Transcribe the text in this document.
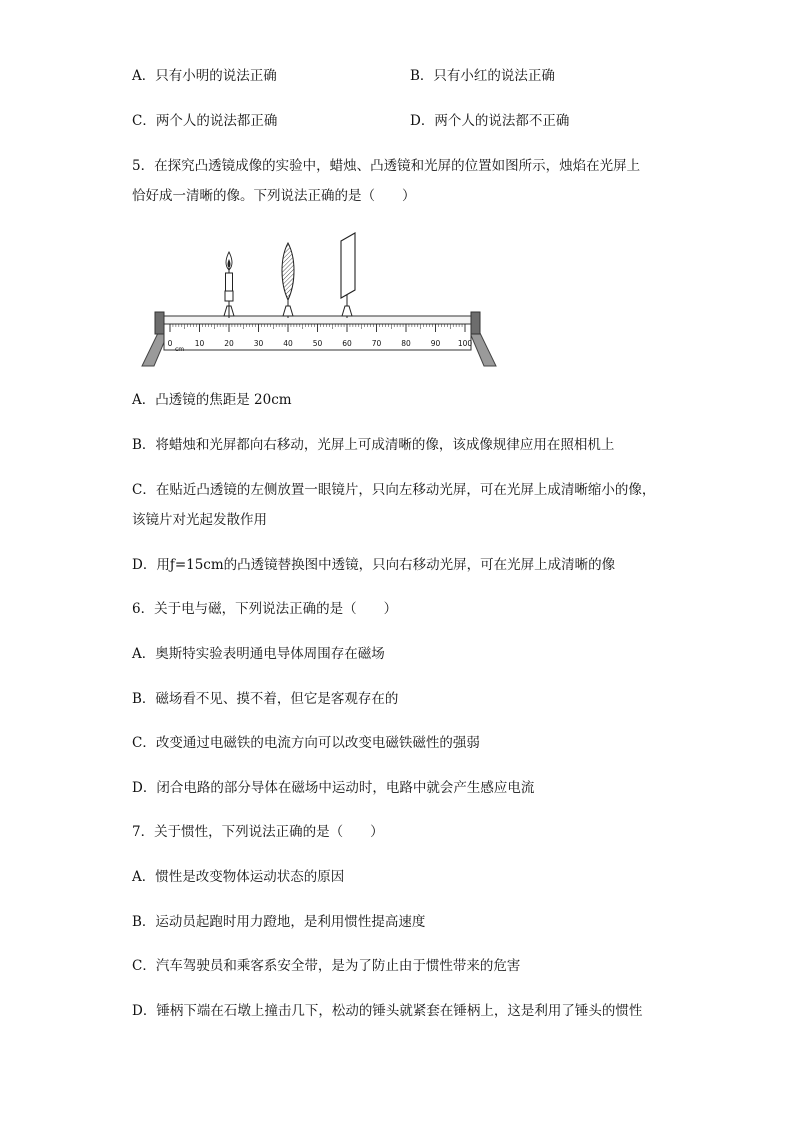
A．只有小明的说法正确	B．只有小红的说法正确
C．两个人的说法都正确	D．两个人的说法都不正确
5．在探究凸透镜成像的实验中，蜡烛、凸透镜和光屏的位置如图所示，烛焰在光屏上
恰好成一清晰的像。下列说法正确的是（　　）
0	10	20	30	40	50	60	70	80	90 100
cm
A．凸透镜的焦距是 20cm
B．将蜡烛和光屏都向右移动，光屏上可成清晰的像，该成像规律应用在照相机上
C．在贴近凸透镜的左侧放置一眼镜片，只向左移动光屏，可在光屏上成清晰缩小的像，
该镜片对光起发散作用
D．用ƒ=15cm的凸透镜替换图中透镜，只向右移动光屏，可在光屏上成清晰的像
6．关于电与磁，下列说法正确的是（　　）
A．奥斯特实验表明通电导体周围存在磁场
B．磁场看不见、摸不着，但它是客观存在的
C．改变通过电磁铁的电流方向可以改变电磁铁磁性的强弱
D．闭合电路的部分导体在磁场中运动时，电路中就会产生感应电流
7．关于惯性，下列说法正确的是（　　）
A．惯性是改变物体运动状态的原因
B．运动员起跑时用力蹬地，是利用惯性提高速度
C．汽车驾驶员和乘客系安全带，是为了防止由于惯性带来的危害
D．锤柄下端在石墩上撞击几下，松动的锤头就紧套在锤柄上，这是利用了锤头的惯性
